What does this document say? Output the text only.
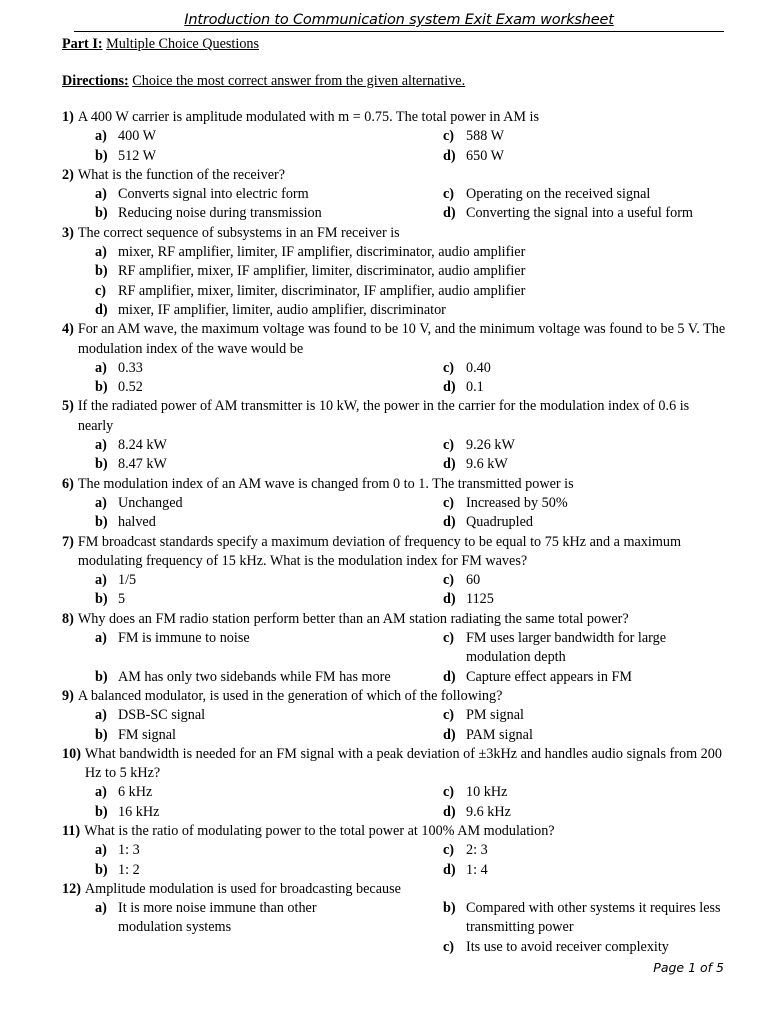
Introduction to Communication system Exit Exam worksheet
Part I: Multiple Choice Questions
Directions: Choice the most correct answer from the given alternative.
1) A 400 W carrier is amplitude modulated with m = 0.75. The total power in AM is
a) 400 W	c) 588 W
b) 512 W	d) 650 W
2) What is the function of the receiver?
a) Converts signal into electric form	c) Operating on the received signal
b) Reducing noise during transmission	d) Converting the signal into a useful form
3) The correct sequence of subsystems in an FM receiver is
a) mixer, RF amplifier, limiter, IF amplifier, discriminator, audio amplifier
b) RF amplifier, mixer, IF amplifier, limiter, discriminator, audio amplifier
c) RF amplifier, mixer, limiter, discriminator, IF amplifier, audio amplifier
d) mixer, IF amplifier, limiter, audio amplifier, discriminator
4) For an AM wave, the maximum voltage was found to be 10 V, and the minimum voltage was found to be 5 V. The modulation index of the wave would be
a) 0.33	c) 0.40
b) 0.52	d) 0.1
5) If the radiated power of AM transmitter is 10 kW, the power in the carrier for the modulation index of 0.6 is nearly
a) 8.24 kW	c) 9.26 kW
b) 8.47 kW	d) 9.6 kW
6) The modulation index of an AM wave is changed from 0 to 1. The transmitted power is
a) Unchanged	c) Increased by 50%
b) halved	d) Quadrupled
7) FM broadcast standards specify a maximum deviation of frequency to be equal to 75 kHz and a maximum modulating frequency of 15 kHz. What is the modulation index for FM waves?
a) 1/5	c) 60
b) 5	d) 1125
8) Why does an FM radio station perform better than an AM station radiating the same total power?
a) FM is immune to noise	c) FM uses larger bandwidth for large modulation depth
b) AM has only two sidebands while FM has more	d) Capture effect appears in FM
9) A balanced modulator, is used in the generation of which of the following?
a) DSB-SC signal	c) PM signal
b) FM signal	d) PAM signal
10) What bandwidth is needed for an FM signal with a peak deviation of ±3kHz and handles audio signals from 200 Hz to 5 kHz?
a) 6 kHz	c) 10 kHz
b) 16 kHz	d) 9.6 kHz
11) What is the ratio of modulating power to the total power at 100% AM modulation?
a) 1: 3	c) 2: 3
b) 1: 2	d) 1: 4
12) Amplitude modulation is used for broadcasting because
a) It is more noise immune than other modulation systems
b) Compared with other systems it requires less transmitting power
c) Its use to avoid receiver complexity
Page 1 of 5
